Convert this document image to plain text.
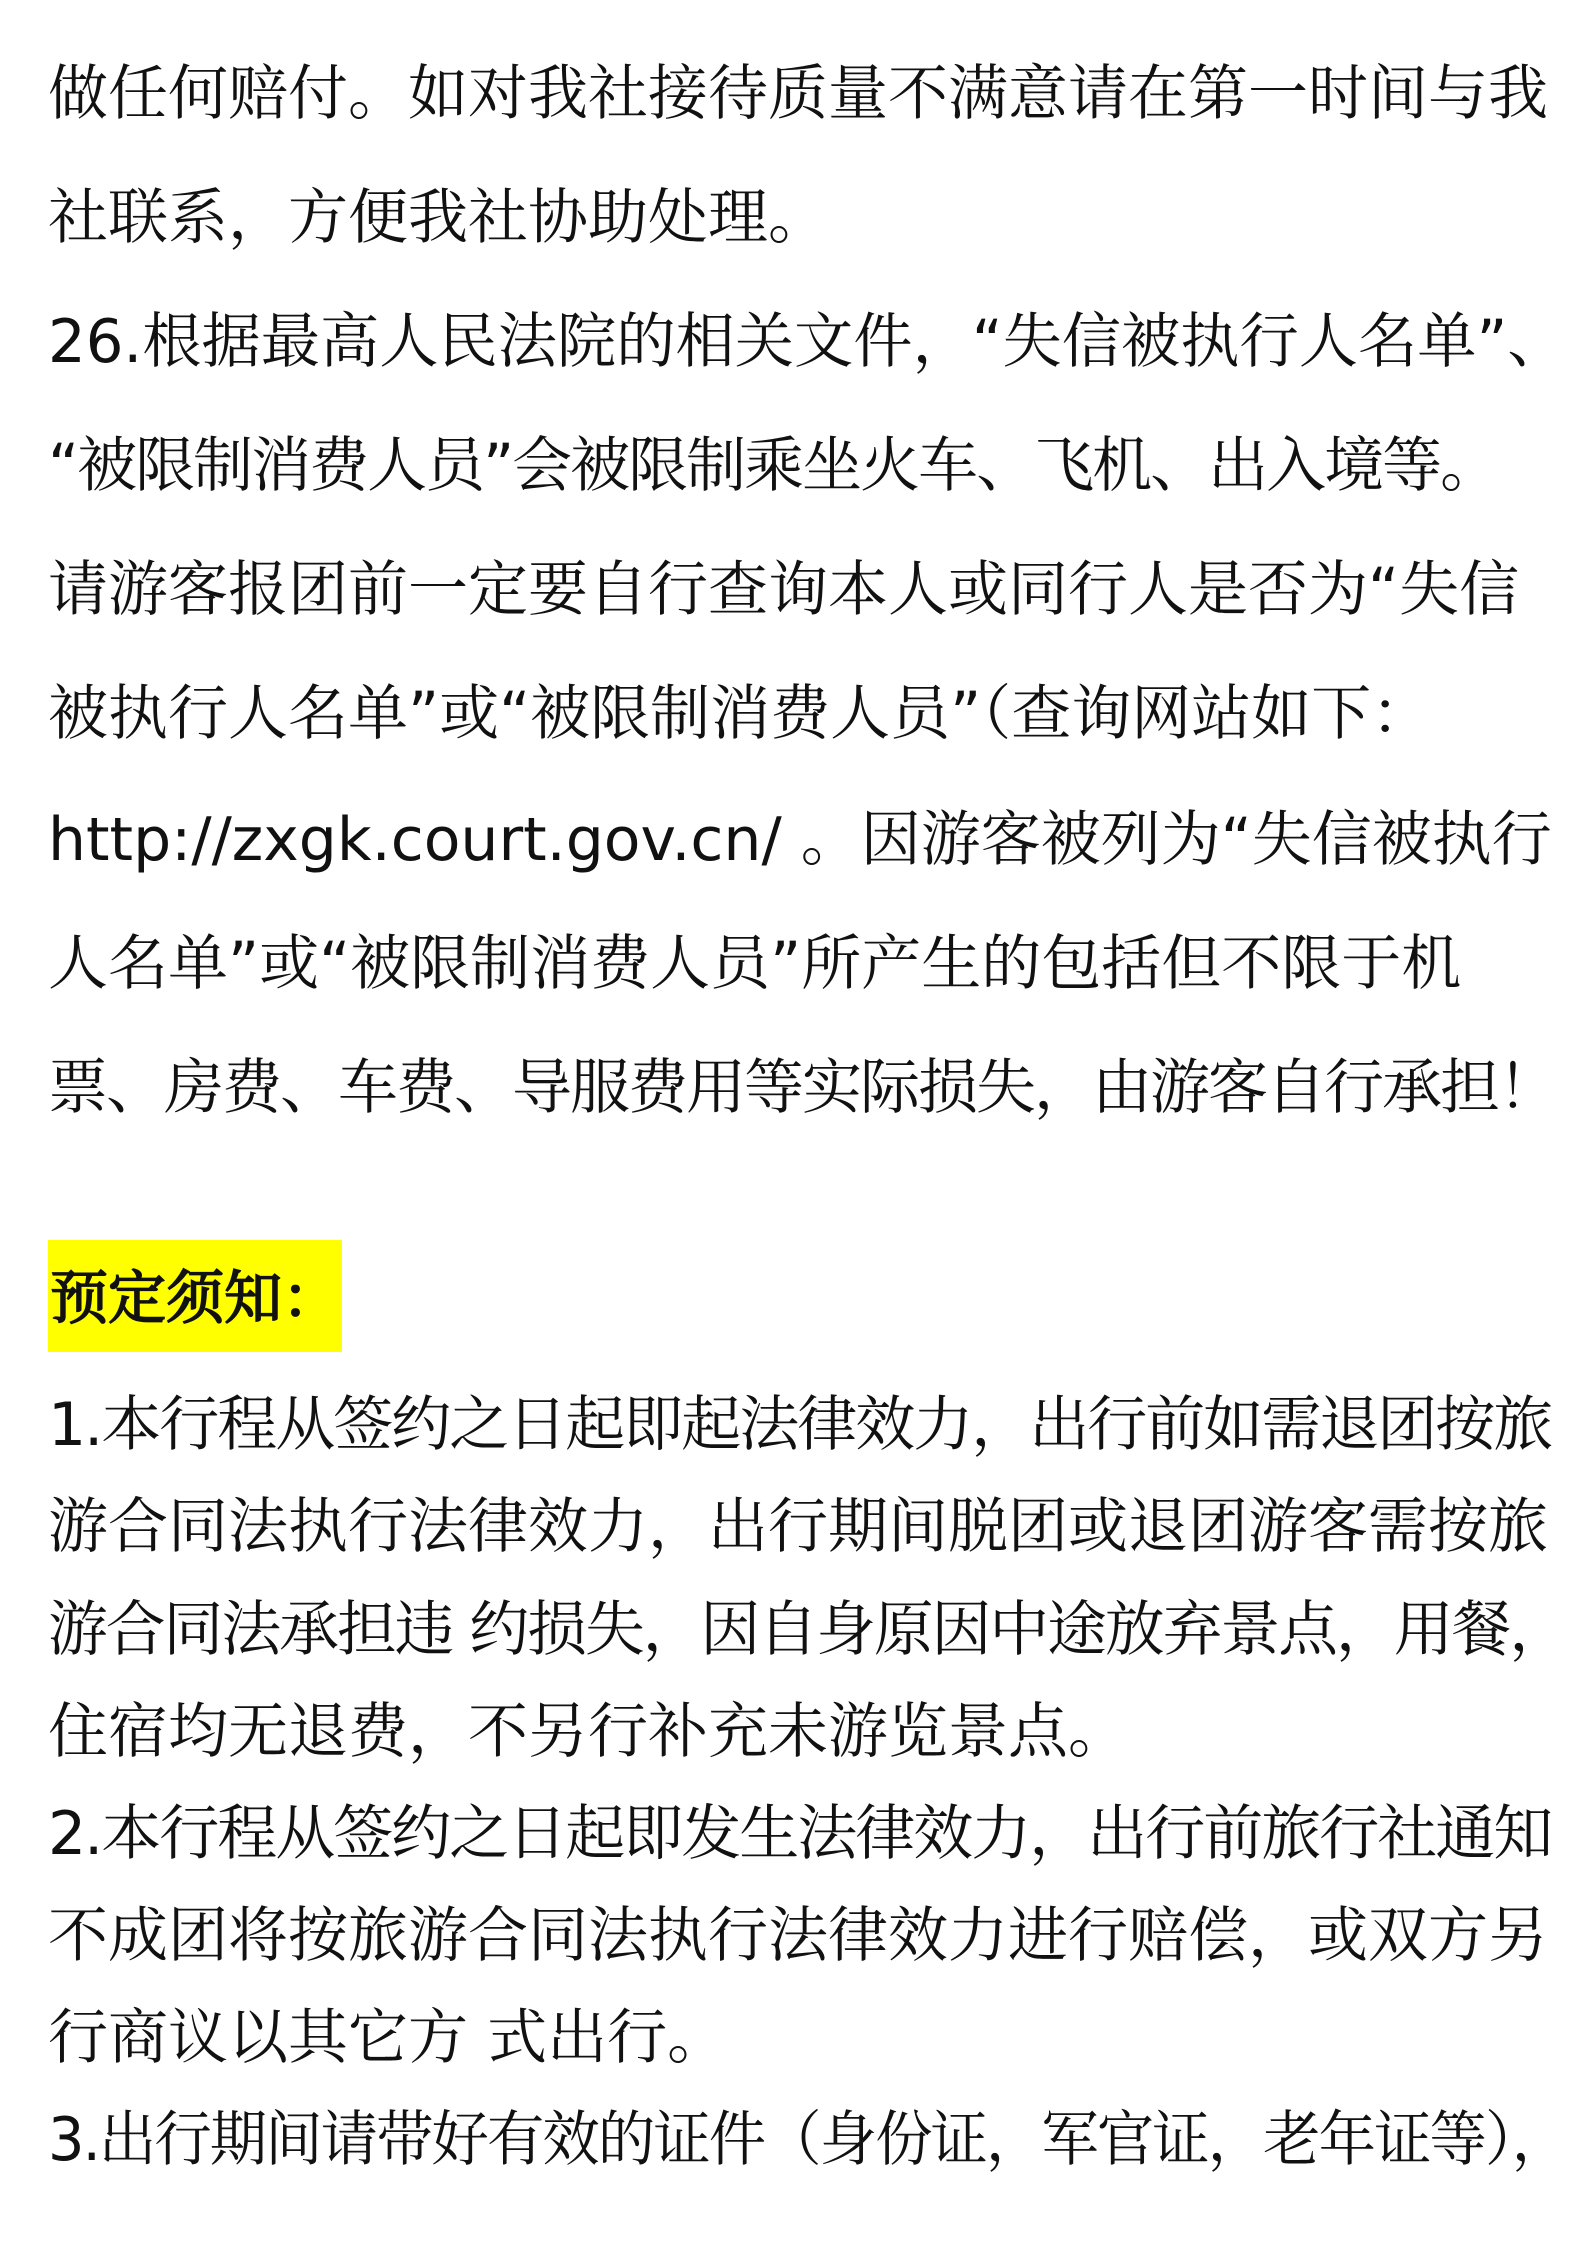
做任何赔付。如对我社接待质量不满意请在第一时间与我
社联系，方便我社协助处理。
26.根据最高人民法院的相关文件，“失信被执行人名单”、
“被限制消费人员”会被限制乘坐火车、飞机、出入境等。
请游客报团前一定要自行查询本人或同行人是否为“失信
被执行人名单”或“被限制消费人员”（查询网站如下：
http://zxgk.court.gov.cn/ 。因游客被列为“失信被执行
人名单”或“被限制消费人员”所产生的包括但不限于机
票、房费、车费、导服费用等实际损失，由游客自行承担！
预定须知：
1.本行程从签约之日起即起法律效力，出行前如需退团按旅
游合同法执行法律效力，出行期间脱团或退团游客需按旅
游合同法承担违 约损失，因自身原因中途放弃景点，用餐，
住宿均无退费，不另行补充未游览景点。
2.本行程从签约之日起即发生法律效力，出行前旅行社通知
不成团将按旅游合同法执行法律效力进行赔偿，或双方另
行商议以其它方 式出行。
3.出行期间请带好有效的证件（身份证，军官证，老年证等），
